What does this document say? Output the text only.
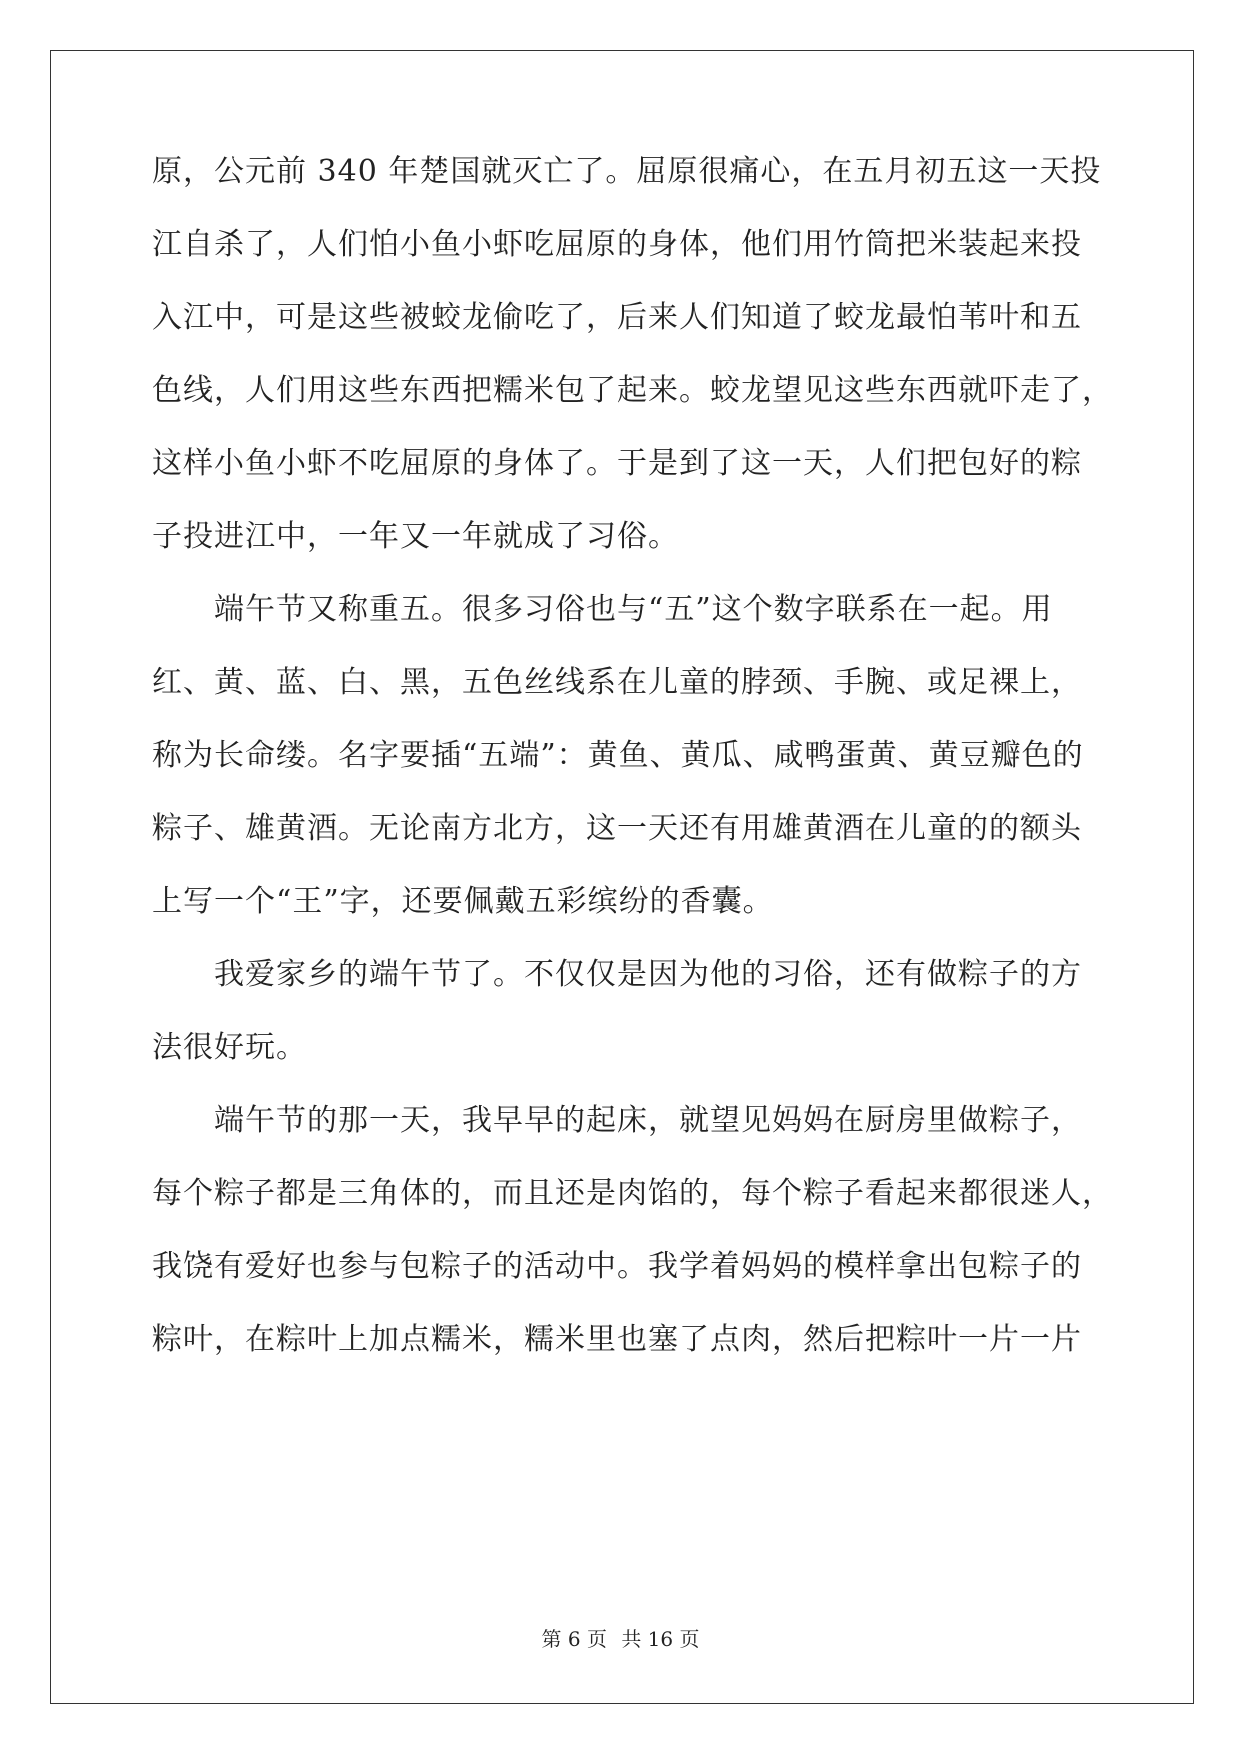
原，公元前 340 年楚国就灭亡了。屈原很痛心，在五月初五这一天投
江自杀了，人们怕小鱼小虾吃屈原的身体，他们用竹筒把米装起来投
入江中，可是这些被蛟龙偷吃了，后来人们知道了蛟龙最怕苇叶和五
色线，人们用这些东西把糯米包了起来。蛟龙望见这些东西就吓走了，
这样小鱼小虾不吃屈原的身体了。于是到了这一天，人们把包好的粽
子投进江中，一年又一年就成了习俗。
端午节又称重五。很多习俗也与“五”这个数字联系在一起。用
红、黄、蓝、白、黑，五色丝线系在儿童的脖颈、手腕、或足裸上，
称为长命缕。名字要插“五端”：黄鱼、黄瓜、咸鸭蛋黄、黄豆瓣色的
粽子、雄黄酒。无论南方北方，这一天还有用雄黄酒在儿童的的额头
上写一个“王”字，还要佩戴五彩缤纷的香囊。
我爱家乡的端午节了。不仅仅是因为他的习俗，还有做粽子的方
法很好玩。
端午节的那一天，我早早的起床，就望见妈妈在厨房里做粽子，
每个粽子都是三角体的，而且还是肉馅的，每个粽子看起来都很迷人，
我饶有爱好也参与包粽子的活动中。我学着妈妈的模样拿出包粽子的
粽叶，在粽叶上加点糯米，糯米里也塞了点肉，然后把粽叶一片一片
第 6 页 共 16 页
